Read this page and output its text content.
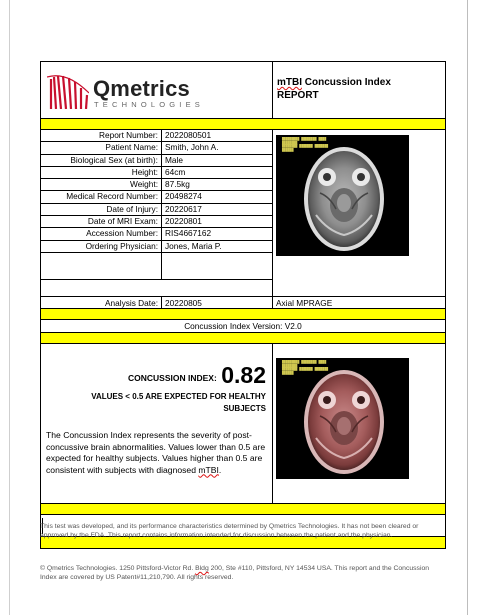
Qmetrics
TECHNOLOGIES
mTBI Concussion Index
REPORT
Report Number: 2022080501
Patient Name: Smith, John A.
Biological Sex (at birth): Male
Height: 64cm
Weight: 87.5kg
Medical Record Number: 20498274
Date of Injury: 20220617
Date of MRI Exam: 20220801
Accession Number: RIS4667162
Ordering Physician: Jones, Maria P.
█████████ ████████ ████
████████
████████ ███████ ███████
██████
Analysis Date: 20220805	Axial MPRAGE
Concussion Index Version: V2.0
CONCUSSION INDEX: 0.82
VALUES < 0.5 ARE EXPECTED FOR HEALTHY SUBJECTS
The Concussion Index represents the severity of post-concussive brain abnormalities. Values lower than 0.5 are expected for healthy subjects. Values higher than 0.5 are consistent with subjects with diagnosed mTBI.
█████████ ████████ ████
████████
████████ ███████ ███████
██████
This test was developed, and its performance characteristics determined by Qmetrics Technologies. It has not been cleared or approved by the FDA. This report contains information intended for discussion between the patient and the physician.
© Qmetrics Technologies. 1250 Pittsford-Victor Rd. Bldg 200, Ste #110, Pittsford, NY 14534 USA. This report and the Concussion Index are covered by US Patent#11,210,790. All rights reserved.
